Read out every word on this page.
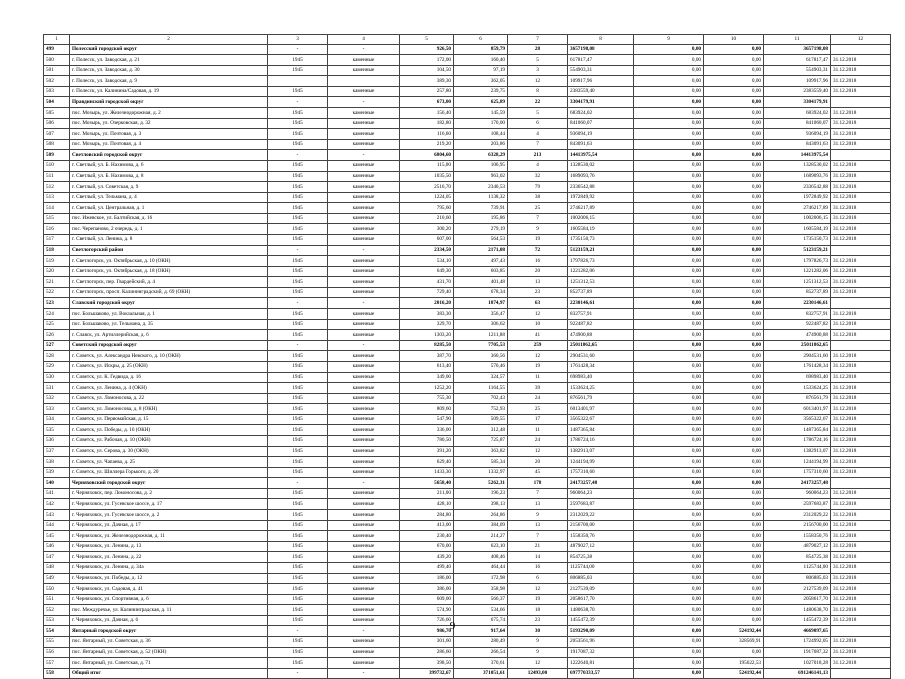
1	2	3	4	5	6	7	8	9	10	11	12
499	Полесский городской округ	-	-	926,50	859,79	28	3657198,08	0,00	0,00	3657198,08	
500	г. Полесск, ул. Заводская, д. 21	1945	каменные	172,00	160,40	5	617817,47	0,00	0,00	617817,47	31.12.2018
501	г. Полесск, ул. Заводская, д. 30	1945	каменные	104,50	97,19	3	554903,31	0,00	0,00	554903,31	31.12.2018
502	г. Полесск, ул. Заводская, д. 9			389,30	362,05	12	109917,96	0,00	0,00	109917,96	31.12.2018
503	г. Полесск, ул. Калинина/Садовая, д. 19	1945	каменные	257,80	239,75	8	2383559,40	0,00	0,00	2383559,40	31.12.2018
504	Правдинский городской округ	-	-	673,00	625,89	22	3304179,91	0,00	0,00	3304179,91	
505	пос. Мозырь, ул. Железнодорожная, д. 2	1945	каменные	156,40	145,59	5	683924,02	0,00	0,00	683924,02	31.12.2018
506	пос. Мозырь, ул. Озерковская, д. 32	1945	каменные	182,80	170,00	6	841060,07	0,00	0,00	841060,07	31.12.2018
507	пос. Мозырь, ул. Почтовая, д. 3	1945	каменные	116,60	108,44	4	936094,19	0,00	0,00	936094,19	31.12.2018
508	пос. Мозырь, ул. Почтовая, д. 4	1945	каменные	219,20	203,86	7	843091,63	0,00	0,00	843091,63	31.12.2018
509	Светловский городской округ	-	-	6804,60	6328,29	213	14413975,54	0,00	0,00	14413975,54	
510	г. Светлый, ул. Б. Нахимова, д. 6	1945	каменные	115,00	106,95	4	1328530,02	0,00	0,00	1328530,02	31.12.2018
511	г. Светлый, ул. Б. Нахимова, д. 8	1945	каменные	1035,50	963,02	32	1689093,76	0,00	0,00	1689093,76	31.12.2018
512	г. Светлый, ул. Советская, д. 9	1945	каменные	2516,70	2340,53	79	2336542,88	0,00	0,00	2336542,88	31.12.2018
513	г. Светлый, ул. Тельмана, д. 4	1945	каменные	1224,05	1138,32	38	1972849,92	0,00	0,00	1972849,92	31.12.2018
514	г. Светлый, ул. Центральная, д. 1	1945	каменные	795,60	739,91	25	2746217,89	0,00	0,00	2746217,89	31.12.2018
515	пос. Ижевское, ул. Балтийская, д. 16	1945	каменные	210,60	195,86	7	1002006,15	0,00	0,00	1002006,15	31.12.2018
516	пос. Черепаново, 2 очередь, д. 1	1945	каменные	300,20	279,19	9	1605584,19	0,00	0,00	1605584,19	31.12.2018
517	г. Светлый, ул. Ленина, д. 8	1945	каменные	607,00	564,53	19	1735150,73	0,00	0,00	1735150,73	31.12.2018
518	Светлогорский район	-	-	2334,50	2171,08	72	5123159,21	0,00	0,00	5123159,21	
519	г. Светлогорск, ул. Октябрьская, д. 10 (ОКН)	1945	каменные	534,10	497,43	16	1797826,73	0,00	0,00	1797826,73	31.12.2018
520	г. Светлогорск, ул. Октябрьская, д. 18 (ОКН)	1945	каменные	649,30	603,85	20	1221282,06	0,00	0,00	1221282,06	31.12.2018
521	г. Светлогорск, пер. Гвардейский, д. 4	1945	каменные	431,70	401,48	13	1251312,53	0,00	0,00	1251312,53	31.12.2018
522	г. Светлогорск, просп. Калининградский, д. 69 (ОКН)	1945	каменные	729,40	678,34	23	852737,89	0,00	0,00	852737,89	31.12.2018
523	Славский городской округ	-	-	2016,20	1874,97	63	2230146,61	0,00	0,00	2230146,61	
524	пос. Большаково, ул. Вокзальная, д. 1	1945	каменные	383,30	356,47	12	832757,91	0,00	0,00	832757,91	31.12.2018
525	пос. Большаково, ул. Тельмана, д. 35	1945	каменные	329,70	306,62	10	922487,82	0,00	0,00	922487,82	31.12.2018
526	г. Славск, ул. Артиллерийская, д. 6	1945	каменные	1303,20	1211,88	41	474900,88	0,00	0,00	474900,88	31.12.2018
527	Советский городской округ	-	-	8285,50	7705,53	259	25011862,65	0,00	0,00	25011862,65	
528	г. Советск, ул. Александра Невского, д. 10 (ОКН)	1945	каменные	387,70	360,56	12	2904531,60	0,00	0,00	2904531,60	31.12.2018
529	г. Советск, ул. Искры, д. 25 (ОКН)	1945	каменные	613,40	570,46	19	1761428,34	0,00	0,00	1761428,34	31.12.2018
530	г. Советск, ул. К. Гедвида, д. 16	1945	каменные	349,00	324,57	11	698983,40	0,00	0,00	698983,40	31.12.2018
531	г. Советск, ул. Ленина, д. 4 (ОКН)	1945	каменные	1252,20	1164,55	39	1533624,25	0,00	0,00	1533624,25	31.12.2018
532	г. Советск, ул. Ломоносова, д. 22	1945	каменные	755,30	702,43	24	876561,79	0,00	0,00	876561,79	31.12.2018
533	г. Советск, ул. Ломоносова, д. 8 (ОКН)	1945	каменные	809,60	752,93	25	6013401,97	0,00	0,00	6013401,97	31.12.2018
534	г. Советск, ул. Первомайская, д. 15	1945	каменные	547,90	509,55	17	3565322,67	0,00	0,00	3565322,67	31.12.2018
535	г. Советск, ул. Победы, д. 16 (ОКН)	1945	каменные	336,00	312,48	11	1487365,84	0,00	0,00	1487365,84	31.12.2018
536	г. Советск, ул. Рабочая, д. 10 (ОКН)	1945	каменные	780,50	725,87	24	1786724,16	0,00	0,00	1786724,16	31.12.2018
537	г. Советск, ул. Серова, д. 30 (ОКН)	1945	каменные	391,20	363,82	12	1382913,07	0,00	0,00	1382913,07	31.12.2018
538	г. Советск, ул. Чапаева, д. 25	1945	каменные	629,40	585,34	20	1244194,99	0,00	0,00	1244194,99	31.12.2018
539	г. Советск, ул. Шиллера Горького, д. 20	1945	каменные	1433,30	1332,97	45	1757310,60	0,00	0,00	1757310,60	31.12.2018
540	Черняховский городской округ	-	-	5658,40	5262,31	178	24173257,48	0,00	0,00	24173257,48	
541	г. Черняховск, пер. Ломоносова, д. 2	1945	каменные	211,00	196,23	7	960064,23	0,00	0,00	960064,23	31.12.2018
542	г. Черняховск, ул. Гусевское шоссе, д. 17	1945	каменные	428,10	398,13	13	2597683,87	0,00	0,00	2597683,87	31.12.2018
543	г. Черняховск, ул. Гусевское шоссе, д. 2	1945	каменные	284,80	264,86	9	2312029,22	0,00	0,00	2312029,22	31.12.2018
544	г. Черняховск, ул. Дачная, д. 17	1945	каменные	413,00	384,09	13	2156700,00	0,00	0,00	2156700,00	31.12.2018
545	г. Черняховск, ул. Железнодорожная, д. 11	1945	каменные	230,40	214,27	7	1558350,76	0,00	0,00	1558350,76	31.12.2018
546	г. Черняховск, ул. Ленина, д. 13	1945	каменные	670,00	623,10	21	4879027,12	0,00	0,00	4879027,12	31.12.2018
547	г. Черняховск, ул. Ленина, д. 22	1945	каменные	439,20	408,46	14	854725,38	0,00	0,00	854725,38	31.12.2018
548	г. Черняховск, ул. Ленина, д. 34а	1945	каменные	499,40	464,44	16	1125744,00	0,00	0,00	1125744,00	31.12.2018
549	г. Черняховск, ул. Победы, д. 12	1945	каменные	186,00	172,98	6	806885,03	0,00	0,00	806885,03	31.12.2018
550	г. Черняховск, ул. Садовая, д. 41	1945	каменные	386,00	358,98	12	2127539,09	0,00	0,00	2127539,09	31.12.2018
551	г. Черняховск, ул. Спортивная, д. 6	1945	каменные	609,00	566,37	19	2058617,70	0,00	0,00	2058617,70	31.12.2018
552	пос. Междуречье, ул. Калининградская, д. 11	1945	каменные	574,90	534,66	18	1480638,70	0,00	0,00	1480638,70	31.12.2018
553	г. Черняховск, ул. Дачная, д. 6	1945	каменные	726,60	675,74	23	1455472,39	0,00	0,00	1455472,39	31.12.2018
554	Янтарный городской округ	-	-	986,70	917,64	30	5193290,09	0,00	524192,44	4669097,65	
555	пос. Янтарный, ул. Советская, д. 36	1945	каменные	301,60	280,49	9	2053561,96	0,00	328569,91	1724992,05	31.12.2018
556	пос. Янтарный, ул. Советская, д. 52 (ОКН)	1945	каменные	286,60	266,54	9	1917087,32	0,00	0,00	1917087,32	31.12.2018
557	пос. Янтарный, ул. Советская, д. 71	1945	каменные	398,50	370,61	12	1222640,81	0,00	195622,53	1027018,28	31.12.2018
558	Общий итог	-	-	399732,67	371051,61	12493,00	697770333,57	0,00	524192,44	691246141,13	
9
